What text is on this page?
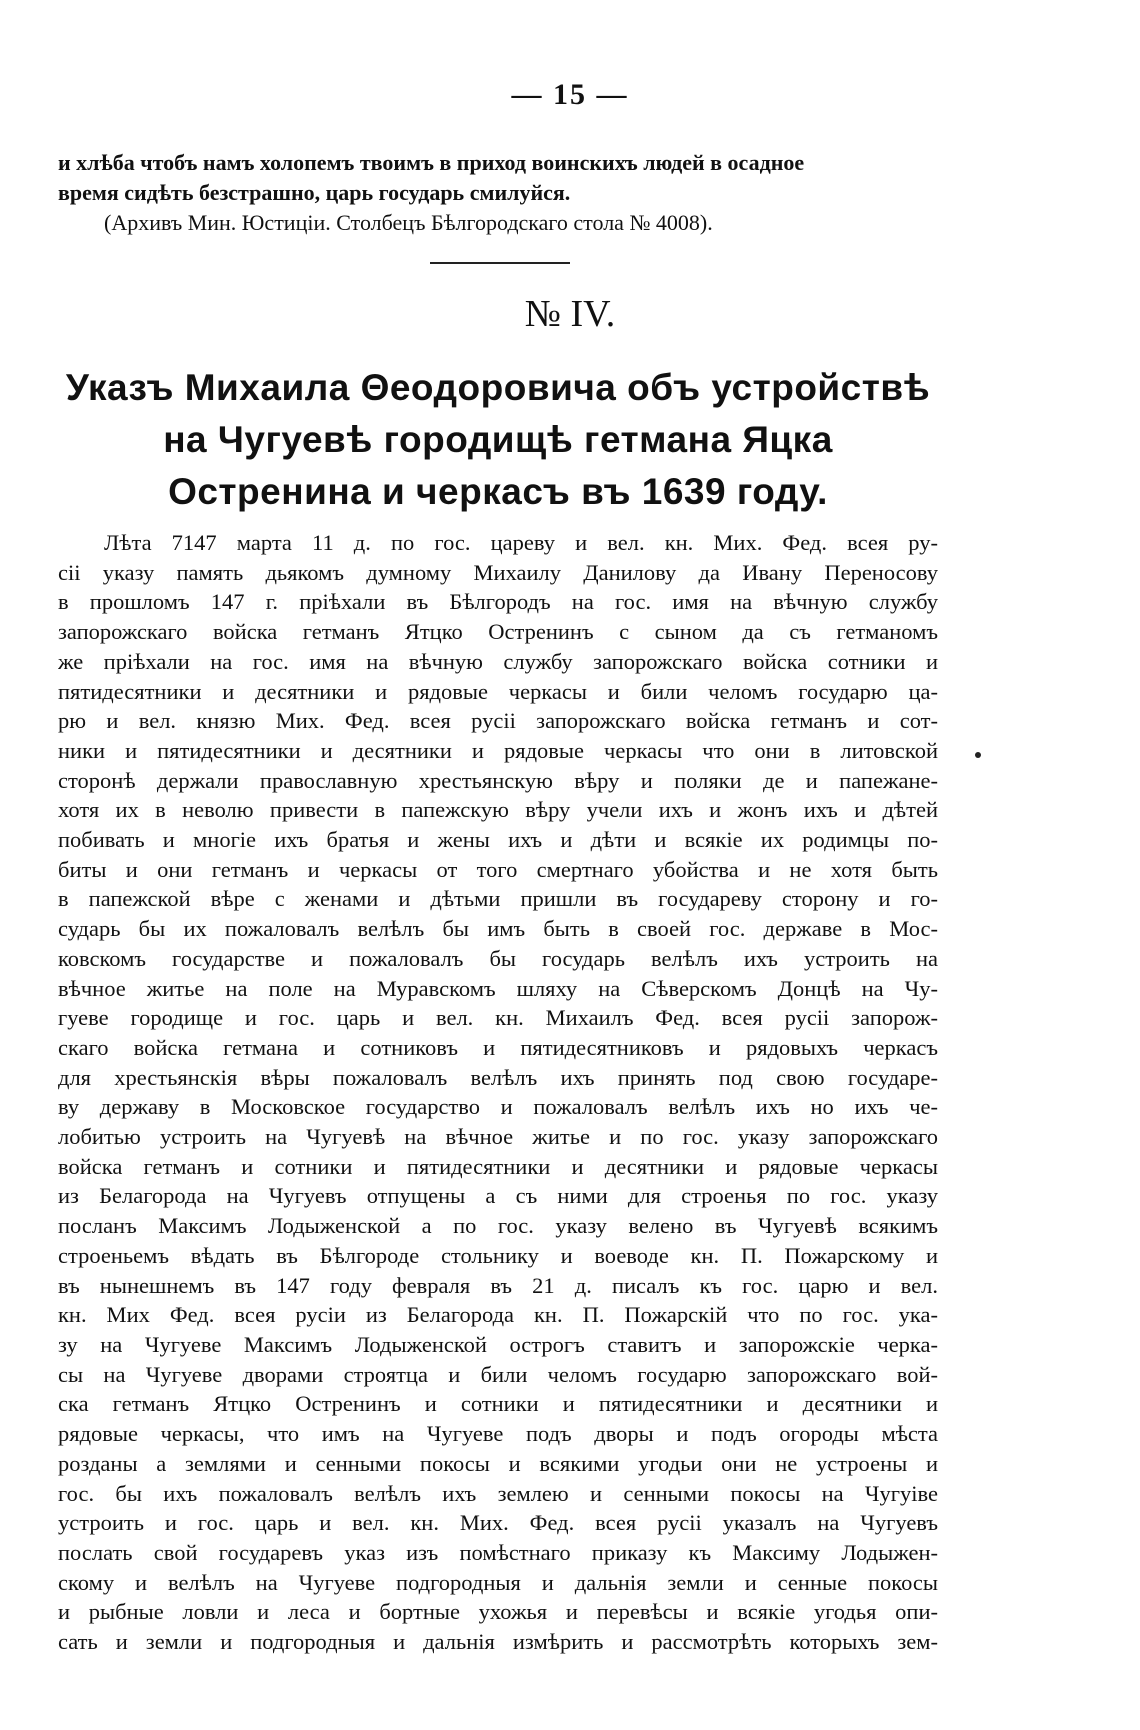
— 15 —
и хлѣба чтобъ намъ холопемъ твоимъ в приход воинскихъ людей в осадное
время сидѣть безстрашно, царь государь смилуйся.
(Архивъ Мин. Юстиціи. Столбецъ Бѣлгородскаго стола № 4008).
№ IV.
Указъ Михаила Θеодоровича объ устройствѣ на Чугуевѣ городищѣ гетмана Яцка Остренина и черкасъ въ 1639 году.
Лѣта 7147 марта 11 д. по гос. цареву и вел. кн. Мих. Фед. всея ру-
сіі указу память дьякомъ думному Михаилу Данилову да Ивану Переносову
в прошломъ 147 г. пріѣхали въ Бѣлгородъ на гос. имя на вѣчную службу
запорожскаго войска гетманъ Ятцко Остренинъ с сыном да съ гетманомъ
же пріѣхали на гос. имя на вѣчную службу запорожскаго войска сотники и
пятидесятники и десятники и рядовые черкасы и били челомъ государю ца-
рю и вел. князю Мих. Фед. всея русіі запорожскаго войска гетманъ и сот-
ники и пятидесятники и десятники и рядовые черкасы что они в литовской
сторонѣ держали православную хрестьянскую вѣру и поляки де и папежане-
хотя их в неволю привести в папежскую вѣру учели ихъ и жонъ ихъ и дѣтей
побивать и многіе ихъ братья и жены ихъ и дѣти и всякіе их родимцы по-
биты и они гетманъ и черкасы от того смертнаго убойства и не хотя быть
в папежской вѣре с женами и дѣтьми пришли въ государеву сторону и го-
сударь бы их пожаловалъ велѣлъ бы имъ быть в своей гос. державе в Мос-
ковскомъ государстве и пожаловалъ бы государь велѣлъ ихъ устроить на
вѣчное житье на поле на Муравскомъ шляху на Сѣверскомъ Донцѣ на Чу-
гуеве городище и гос. царь и вел. кн. Михаилъ Фед. всея русіі запорож-
скаго войска гетмана и сотниковъ и пятидесятниковъ и рядовыхъ черкасъ
для хрестьянскія вѣры пожаловалъ велѣлъ ихъ принять под свою государе-
ву державу в Московское государство и пожаловалъ велѣлъ ихъ но ихъ че-
лобитью устроить на Чугуевѣ на вѣчное житье и по гос. указу запорожскаго
войска гетманъ и сотники и пятидесятники и десятники и рядовые черкасы
из Белагорода на Чугуевъ отпущены а съ ними для строенья по гос. указу
посланъ Максимъ Лодыженской а по гос. указу велено въ Чугуевѣ всякимъ
строеньемъ вѣдать въ Бѣлгороде стольнику и воеводе кн. П. Пожарскому и
въ нынешнемъ въ 147 году февраля въ 21 д. писалъ къ гос. царю и вел.
кн. Мих Фед. всея русіи из Белагорода кн. П. Пожарскій что по гос. ука-
зу на Чугуеве Максимъ Лодыженской острогъ ставитъ и запорожскіе черка-
сы на Чугуеве дворами строятца и били челомъ государю запорожскаго вой-
ска гетманъ Ятцко Остренинъ и сотники и пятидесятники и десятники и
рядовые черкасы, что имъ на Чугуеве подъ дворы и подъ огороды мѣста
розданы а землями и сенными покосы и всякими угодьи они не устроены и
гос. бы ихъ пожаловалъ велѣлъ ихъ землею и сенными покосы на Чугуіве
устроить и гос. царь и вел. кн. Мих. Фед. всея русіі указалъ на Чугуевъ
послать свой государевъ указ изъ помѣстнаго приказу къ Максиму Лодыжен-
скому и велѣлъ на Чугуеве подгородныя и дальнія земли и сенные покосы
и рыбные ловли и леса и бортные ухожья и перевѣсы и всякіе угодья опи-
сать и земли и подгородныя и дальнія измѣрить и рассмотрѣть которыхъ зем-
